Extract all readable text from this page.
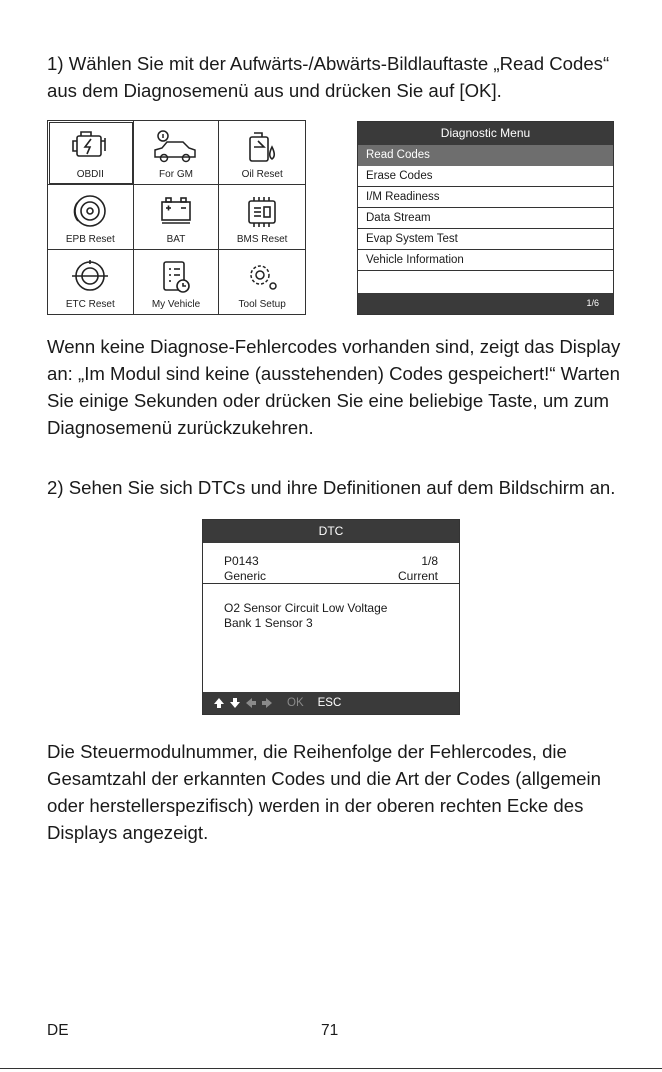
1) Wählen Sie mit der Aufwärts-/Abwärts-Bildlauftaste „Read Codes“ aus dem Diagnosemenü aus und drücken Sie auf [OK].
OBDII	For GM	Oil Reset
EPB Reset	BAT	BMS Reset
ETC Reset	My Vehicle	Tool Setup
Diagnostic Menu
Read Codes
Erase Codes
I/M Readiness
Data Stream
Evap System Test
Vehicle Information
1/6
Wenn keine Diagnose-Fehlercodes vorhanden sind, zeigt das Display an: „Im Modul sind keine (ausstehenden) Codes gespeichert!“ Warten Sie einige Sekunden oder drücken Sie eine beliebige Taste, um zum Diagnosemenü zurückzukehren.
2) Sehen Sie sich DTCs und ihre Definitionen auf dem Bildschirm an.
DTC
P0143	1/8
Generic	Current
O2 Sensor Circuit Low Voltage
Bank 1 Sensor 3
OK ESC
Die Steuermodulnummer, die Reihenfolge der Fehlercodes, die Gesamtzahl der erkannten Codes und die Art der Codes (allgemein oder herstellerspezifisch) werden in der oberen rechten Ecke des Displays angezeigt.
DE	71
